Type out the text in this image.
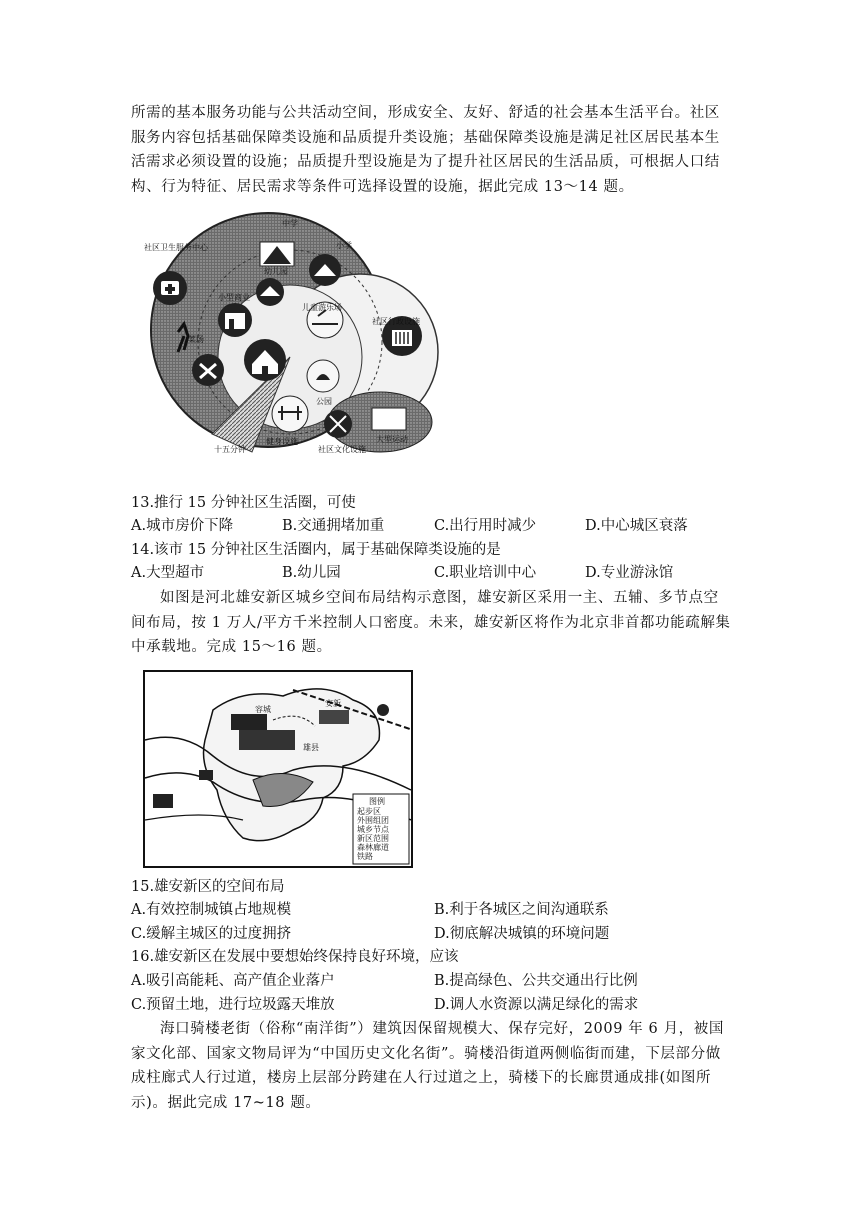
所需的基本服务功能与公共活动空间，形成安全、友好、舒适的社会基本生活平台。社区服务内容包括基础保障类设施和品质提升类设施；基础保障类设施是满足社区居民基本生活需求必须设置的设施；品质提升型设施是为了提升社区居民的生活品质，可根据人口结构、行为特征、居民需求等条件可选择设置的设施，据此完成 13～14 题。

社区卫生服务中心
中学
小学
幼儿园
小型商业
儿童游乐场
社区行政设施
菜场
公园
健身设施	大型运动
社区文化设施
十五分钟
13.推行 15 分钟社区生活圈，可使
A.城市房价下降	B.交通拥堵加重	C.出行用时减少	D.中心城区衰落
14.该市 15 分钟社区生活圈内，属于基础保障类设施的是
A.大型超市	B.幼儿园	C.职业培训中心	D.专业游泳馆

如图是河北雄安新区城乡空间布局结构示意图，雄安新区采用一主、五辅、多节点空间布局，按 1 万人/平方千米控制人口密度。未来，雄安新区将作为北京非首都功能疏解集中承载地。完成 15～16 题。

容城
安新
雄县
图例
起步区
外围组团
城乡节点
新区范围
森林廊道
铁路
15.雄安新区的空间布局
A.有效控制城镇占地规模	B.利于各城区之间沟通联系
C.缓解主城区的过度拥挤	D.彻底解决城镇的环境问题
16.雄安新区在发展中要想始终保持良好环境，应该
A.吸引高能耗、高产值企业落户	B.提高绿色、公共交通出行比例
C.预留土地，进行垃圾露天堆放	D.调人水资源以满足绿化的需求

海口骑楼老街（俗称“南洋街”）建筑因保留规模大、保存完好，2009 年 6 月，被国家文化部、国家文物局评为“中国历史文化名街”。骑楼沿街道两侧临街而建，下层部分做成柱廊式人行过道，楼房上层部分跨建在人行过道之上，骑楼下的长廊贯通成排(如图所示)。据此完成 17~18 题。
